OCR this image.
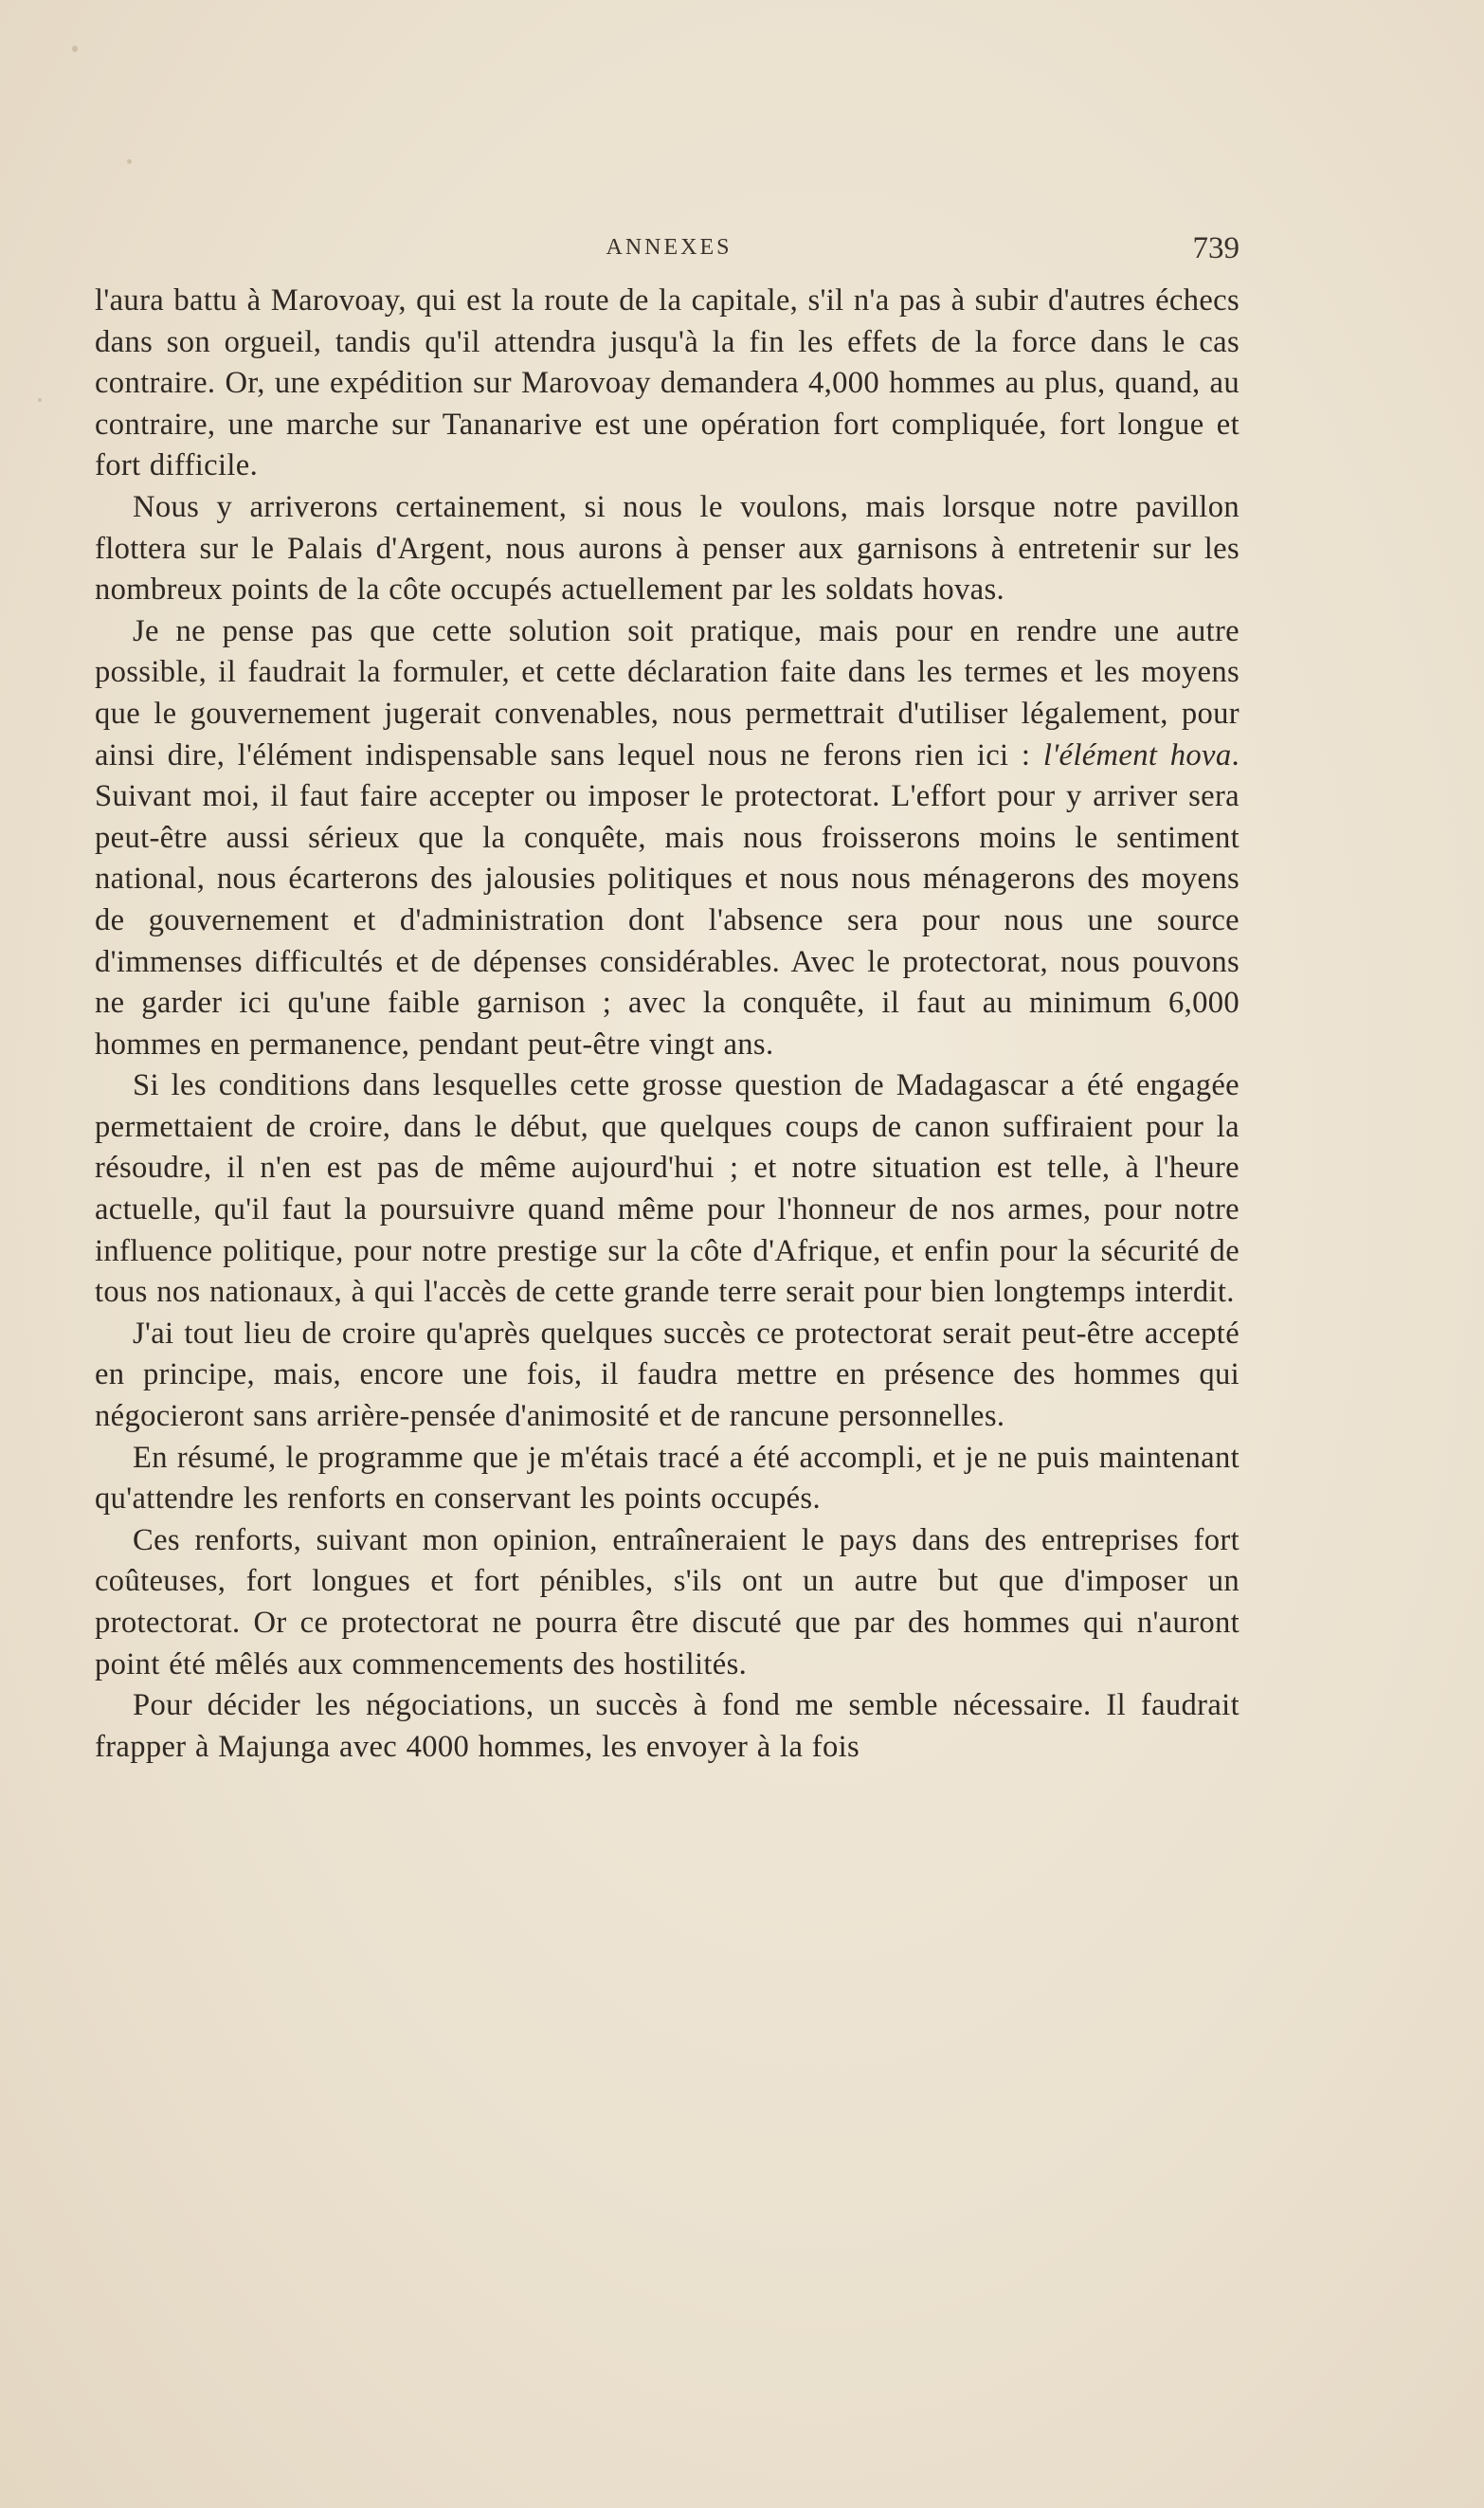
ANNEXES	739

l'aura battu à Marovoay, qui est la route de la capitale, s'il n'a pas à subir d'autres échecs dans son orgueil, tandis qu'il attendra jusqu'à la fin les effets de la force dans le cas contraire. Or, une expédition sur Marovoay demandera 4,000 hommes au plus, quand, au contraire, une marche sur Tananarive est une opération fort compliquée, fort longue et fort difficile.

Nous y arriverons certainement, si nous le voulons, mais lorsque notre pavillon flottera sur le Palais d'Argent, nous aurons à penser aux garnisons à entretenir sur les nombreux points de la côte occupés actuellement par les soldats hovas.

Je ne pense pas que cette solution soit pratique, mais pour en rendre une autre possible, il faudrait la formuler, et cette déclaration faite dans les termes et les moyens que le gouvernement jugerait convenables, nous permettrait d'utiliser légalement, pour ainsi dire, l'élément indispensable sans lequel nous ne ferons rien ici : l'élément hova. Suivant moi, il faut faire accepter ou imposer le protectorat. L'effort pour y arriver sera peut-être aussi sérieux que la conquête, mais nous froisserons moins le sentiment national, nous écarterons des jalousies politiques et nous nous ménagerons des moyens de gouvernement et d'administration dont l'absence sera pour nous une source d'immenses difficultés et de dépenses considérables. Avec le protectorat, nous pouvons ne garder ici qu'une faible garnison ; avec la conquête, il faut au minimum 6,000 hommes en permanence, pendant peut-être vingt ans.

Si les conditions dans lesquelles cette grosse question de Madagascar a été engagée permettaient de croire, dans le début, que quelques coups de canon suffiraient pour la résoudre, il n'en est pas de même aujourd'hui ; et notre situation est telle, à l'heure actuelle, qu'il faut la poursuivre quand même pour l'honneur de nos armes, pour notre influence politique, pour notre prestige sur la côte d'Afrique, et enfin pour la sécurité de tous nos nationaux, à qui l'accès de cette grande terre serait pour bien longtemps interdit.

J'ai tout lieu de croire qu'après quelques succès ce protectorat serait peut-être accepté en principe, mais, encore une fois, il faudra mettre en présence des hommes qui négocieront sans arrière-pensée d'animosité et de rancune personnelles.

En résumé, le programme que je m'étais tracé a été accompli, et je ne puis maintenant qu'attendre les renforts en conservant les points occupés.

Ces renforts, suivant mon opinion, entraîneraient le pays dans des entreprises fort coûteuses, fort longues et fort pénibles, s'ils ont un autre but que d'imposer un protectorat. Or ce protectorat ne pourra être discuté que par des hommes qui n'auront point été mêlés aux commencements des hostilités.

Pour décider les négociations, un succès à fond me semble nécessaire. Il faudrait frapper à Majunga avec 4000 hommes, les envoyer à la fois
